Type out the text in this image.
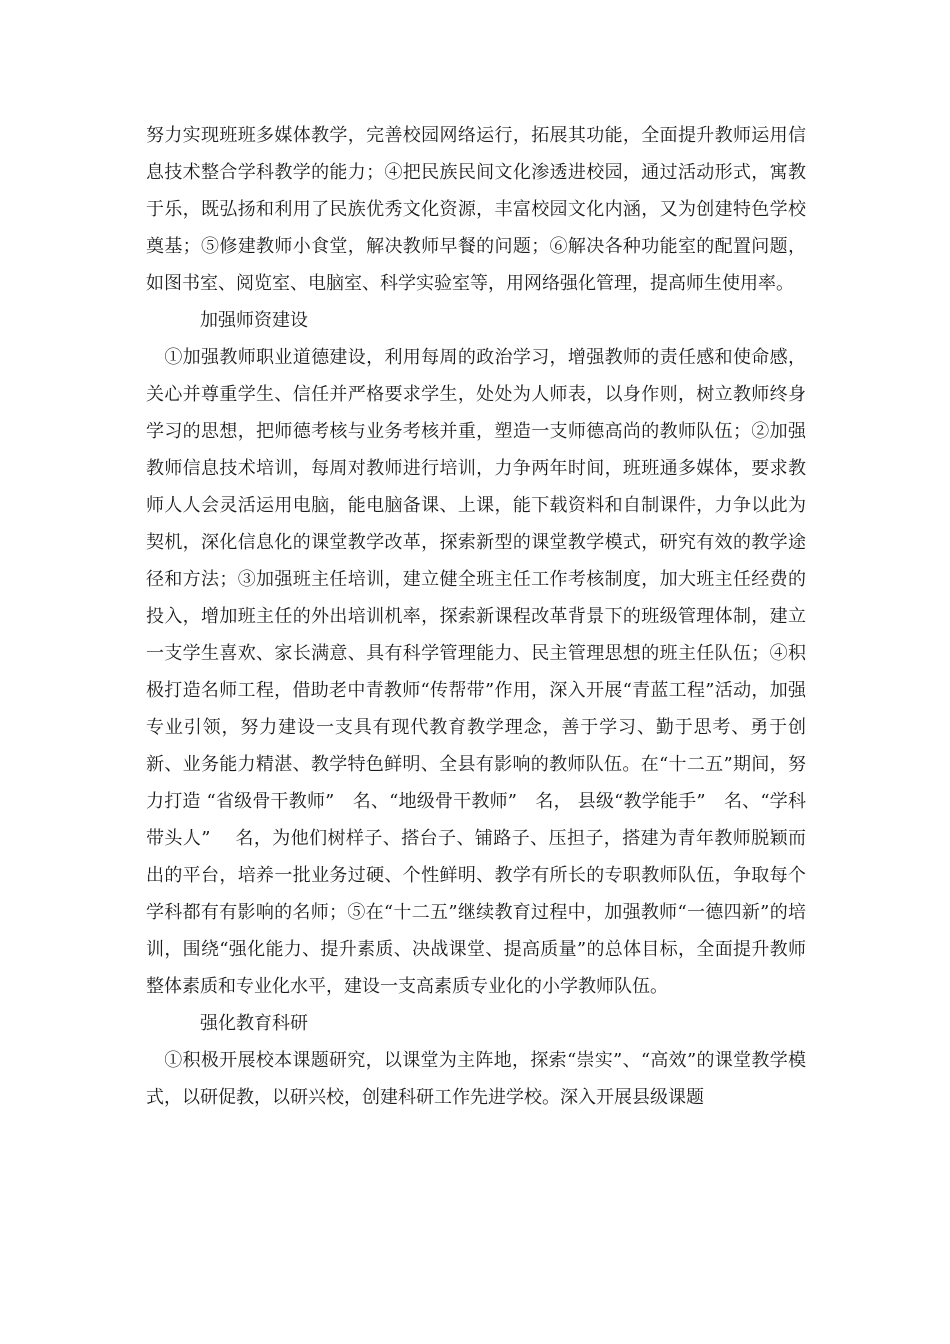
努力实现班班多媒体教学，完善校园网络运行，拓展其功能，全面提升教师运用信息技术整合学科教学的能力；④把民族民间文化渗透进校园，通过活动形式，寓教于乐，既弘扬和利用了民族优秀文化资源，丰富校园文化内涵，又为创建特色学校奠基；⑤修建教师小食堂，解决教师早餐的问题；⑥解决各种功能室的配置问题，如图书室、阅览室、电脑室、科学实验室等，用网络强化管理，提高师生使用率。

加强师资建设

　①加强教师职业道德建设，利用每周的政治学习，增强教师的责任感和使命感，关心并尊重学生、信任并严格要求学生，处处为人师表，以身作则，树立教师终身学习的思想，把师德考核与业务考核并重，塑造一支师德高尚的教师队伍；②加强教师信息技术培训，每周对教师进行培训，力争两年时间，班班通多媒体，要求教师人人会灵活运用电脑，能电脑备课、上课，能下载资料和自制课件，力争以此为契机，深化信息化的课堂教学改革，探索新型的课堂教学模式，研究有效的教学途径和方法；③加强班主任培训，建立健全班主任工作考核制度，加大班主任经费的投入，增加班主任的外出培训机率，探索新课程改革背景下的班级管理体制，建立一支学生喜欢、家长满意、具有科学管理能力、民主管理思想的班主任队伍；④积极打造名师工程，借助老中青教师“传帮带”作用，深入开展“青蓝工程”活动，加强专业引领，努力建设一支具有现代教育教学理念，善于学习、勤于思考、勇于创新、业务能力精湛、教学特色鲜明、全县有影响的教师队伍。在“十二五”期间，努力打造 “省级骨干教师”　名、“地级骨干教师”　名， 县级“教学能手”　名、“学科带头人”　 名，为他们树样子、搭台子、铺路子、压担子，搭建为青年教师脱颖而出的平台，培养一批业务过硬、个性鲜明、教学有所长的专职教师队伍，争取每个学科都有有影响的名师；⑤在“十二五”继续教育过程中，加强教师“一德四新”的培训，围绕“强化能力、提升素质、决战课堂、提高质量”的总体目标，全面提升教师整体素质和专业化水平，建设一支高素质专业化的小学教师队伍。

强化教育科研

　①积极开展校本课题研究，以课堂为主阵地，探索“崇实”、“高效”的课堂教学模式，以研促教，以研兴校，创建科研工作先进学校。深入开展县级课题
